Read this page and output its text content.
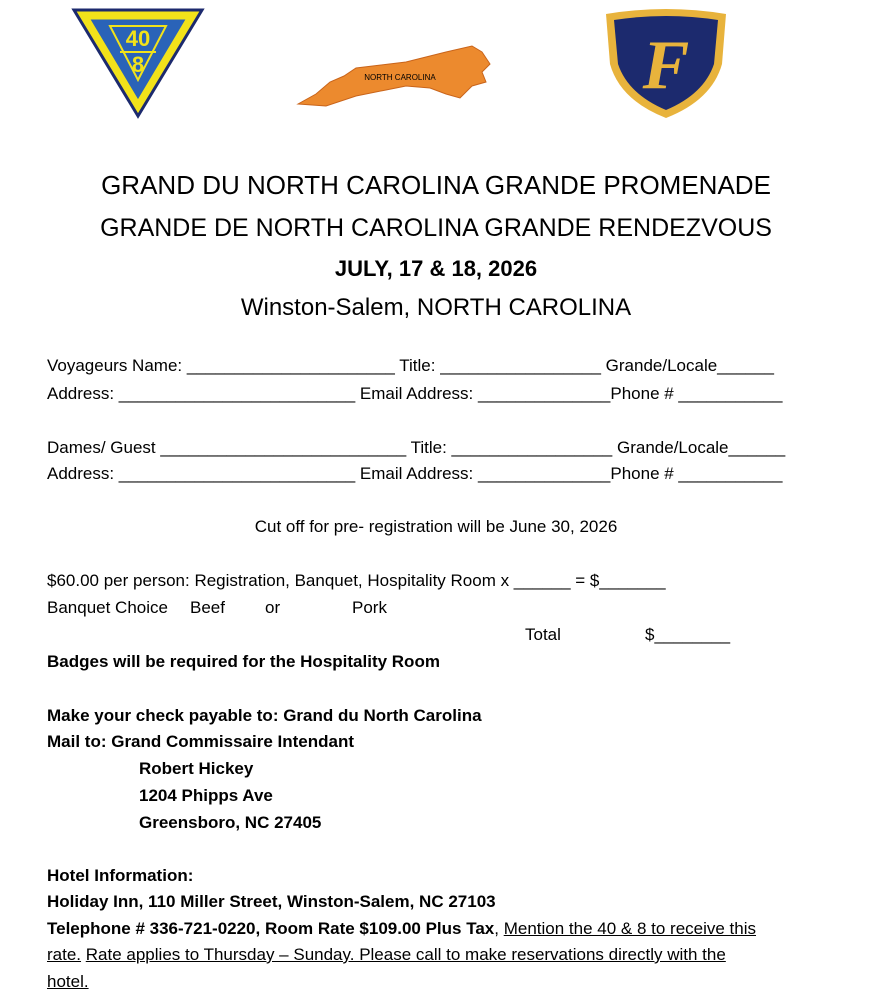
40
8
NORTH CAROLINA	F
GRAND DU NORTH CAROLINA GRANDE PROMENADE
GRANDE DE NORTH CAROLINA GRANDE RENDEZVOUS
JULY, 17 & 18, 2026
Winston-Salem, NORTH CAROLINA
Voyageurs Name: ______________________ Title: _________________ Grande/Locale______
Address: _________________________ Email Address: ______________Phone # ___________
Dames/ Guest __________________________ Title: _________________ Grande/Locale______
Address: _________________________ Email Address: ______________Phone # ___________
Cut off for pre- registration will be June 30, 2026
$60.00 per person: Registration, Banquet, Hospitality Room x ______ = $_______
Banquet Choice Beef or	Pork
Total	$________
Badges will be required for the Hospitality Room
Make your check payable to: Grand du North Carolina
Mail to: Grand Commissaire Intendant
Robert Hickey
1204 Phipps Ave
Greensboro, NC 27405
Hotel Information:
Holiday Inn, 110 Miller Street, Winston-Salem, NC 27103
Telephone # 336-721-0220, Room Rate $109.00 Plus Tax, Mention the 40 & 8 to receive this
rate. Rate applies to Thursday – Sunday. Please call to make reservations directly with the
hotel.
